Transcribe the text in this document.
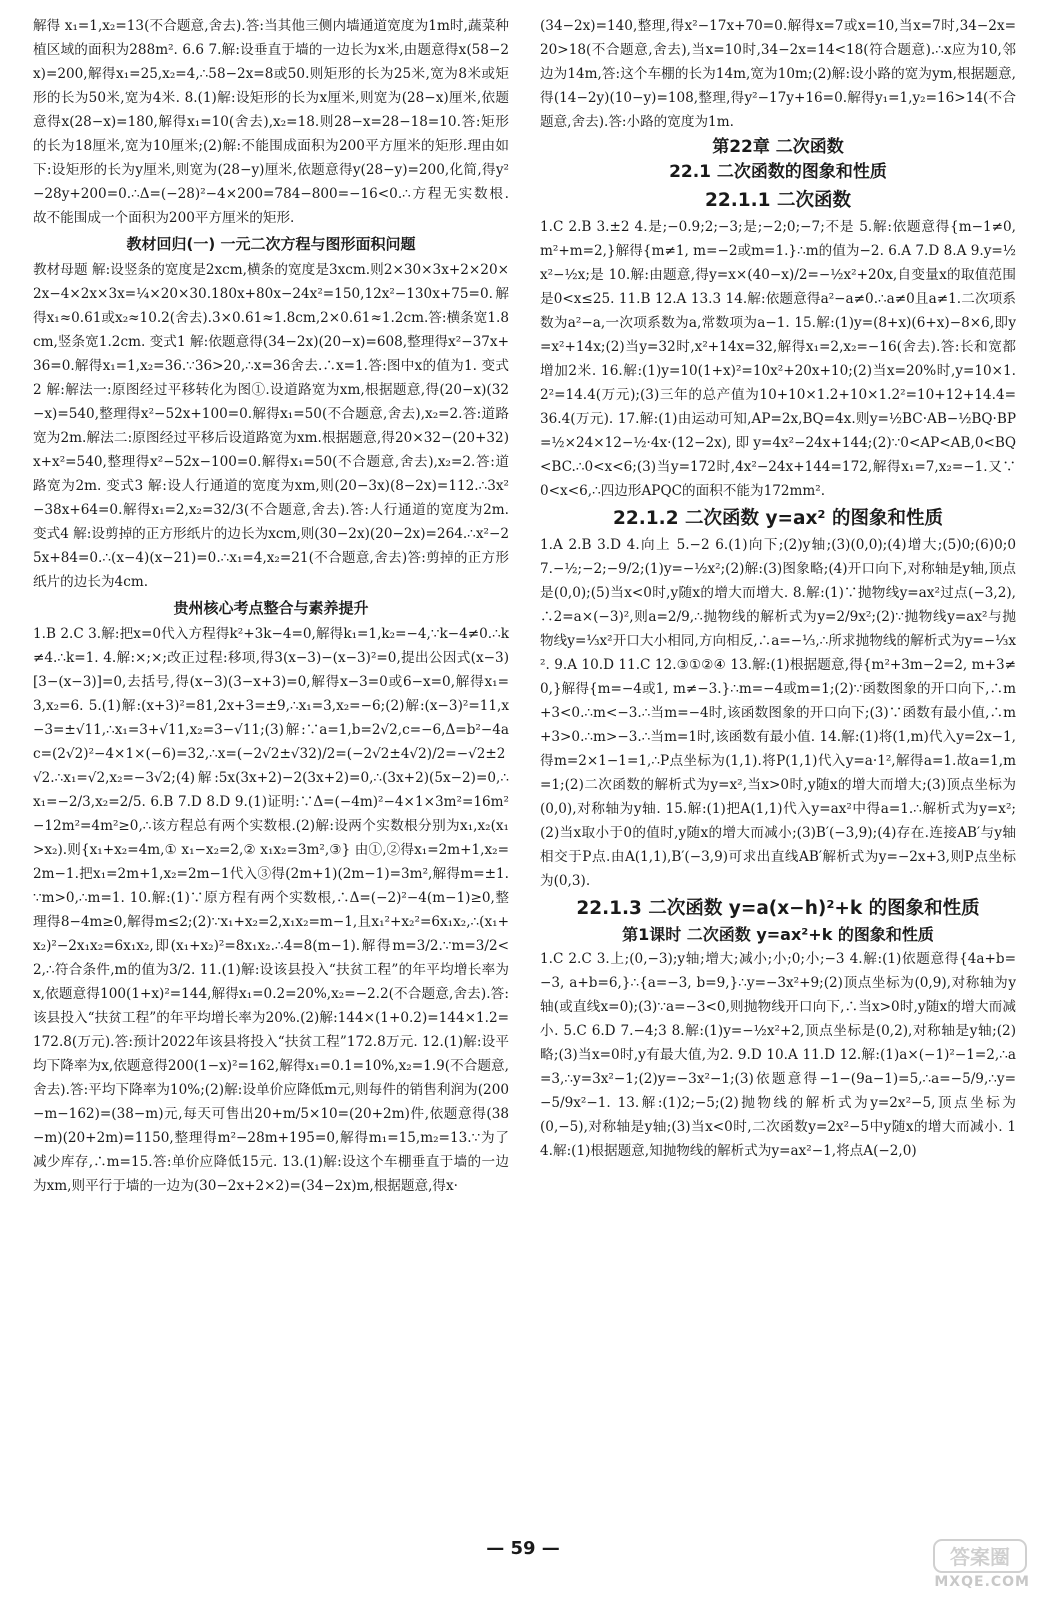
解得 x₁=1,x₂=13(不合题意,舍去).答:当其他三侧内墙通道宽度为1m时,蔬菜种植区域的面积为288m². 6.6 7.解:设垂直于墙的一边长为x米,由题意得x(58−2x)=200,解得x₁=25,x₂=4,∴58−2x=8或50.则矩形的长为25米,宽为8米或矩形的长为50米,宽为4米. 8.(1)解:设矩形的长为x厘米,则宽为(28−x)厘米,依题意得x(28−x)=180,解得x₁=10(舍去),x₂=18.则28−x=28−18=10.答:矩形的长为18厘米,宽为10厘米;(2)解:不能围成面积为200平方厘米的矩形.理由如下:设矩形的长为y厘米,则宽为(28−y)厘米,依题意得y(28−y)=200,化简,得y²−28y+200=0.∴Δ=(−28)²−4×200=784−800=−16<0.∴方程无实数根.故不能围成一个面积为200平方厘米的矩形.

教材回归(一) 一元二次方程与图形面积问题

教材母题 解:设竖条的宽度是2xcm,横条的宽度是3xcm.则2×30×3x+2×20×2x−4×2x×3x=¼×20×30.180x+80x−24x²=150,12x²−130x+75=0.解得x₁≈0.61或x₂≈10.2(舍去).3×0.61≈1.8cm,2×0.61≈1.2cm.答:横条宽1.8cm,竖条宽1.2cm. 变式1 解:依题意得(34−2x)(20−x)=608,整理得x²−37x+36=0.解得x₁=1,x₂=36.∵36>20,∴x=36舍去.∴x=1.答:图中x的值为1. 变式2 解:解法一:原图经过平移转化为图①.设道路宽为xm,根据题意,得(20−x)(32−x)=540,整理得x²−52x+100=0.解得x₁=50(不合题意,舍去),x₂=2.答:道路宽为2m.解法二:原图经过平移后设道路宽为xm.根据题意,得20×32−(20+32)x+x²=540,整理得x²−52x−100=0.解得x₁=50(不合题意,舍去),x₂=2.答:道路宽为2m. 变式3 解:设人行通道的宽度为xm,则(20−3x)(8−2x)=112.∴3x²−38x+64=0.解得x₁=2,x₂=32/3(不合题意,舍去).答:人行通道的宽度为2m. 变式4 解:设剪掉的正方形纸片的边长为xcm,则(30−2x)(20−2x)=264.∴x²−25x+84=0.∴(x−4)(x−21)=0.∴x₁=4,x₂=21(不合题意,舍去)答:剪掉的正方形纸片的边长为4cm.

贵州核心考点整合与素养提升

1.B 2.C 3.解:把x=0代入方程得k²+3k−4=0,解得k₁=1,k₂=−4,∵k−4≠0.∴k≠4.∴k=1. 4.解:×;×;改正过程:移项,得3(x−3)−(x−3)²=0,提出公因式(x−3)[3−(x−3)]=0,去括号,得(x−3)(3−x+3)=0,解得x−3=0或6−x=0,解得x₁=3,x₂=6. 5.(1)解:(x+3)²=81,2x+3=±9,∴x₁=3,x₂=−6;(2)解:(x−3)²=11,x−3=±√11,∴x₁=3+√11,x₂=3−√11;(3)解:∵a=1,b=2√2,c=−6,Δ=b²−4ac=(2√2)²−4×1×(−6)=32,∴x=(−2√2±√32)/2=(−2√2±4√2)/2=−√2±2√2.∴x₁=√2,x₂=−3√2;(4)解:5x(3x+2)−2(3x+2)=0,∴(3x+2)(5x−2)=0,∴x₁=−2/3,x₂=2/5. 6.B 7.D 8.D 9.(1)证明:∵Δ=(−4m)²−4×1×3m²=16m²−12m²=4m²≥0,∴该方程总有两个实数根.(2)解:设两个实数根分别为x₁,x₂(x₁>x₂).则{x₁+x₂=4m,① x₁−x₂=2,② x₁x₂=3m²,③} 由①,②得x₁=2m+1,x₂=2m−1.把x₁=2m+1,x₂=2m−1代入③得(2m+1)(2m−1)=3m²,解得m=±1.∵m>0,∴m=1. 10.解:(1)∵原方程有两个实数根,∴Δ=(−2)²−4(m−1)≥0,整理得8−4m≥0,解得m≤2;(2)∵x₁+x₂=2,x₁x₂=m−1,且x₁²+x₂²=6x₁x₂,∴(x₁+x₂)²−2x₁x₂=6x₁x₂,即(x₁+x₂)²=8x₁x₂.∴4=8(m−1).解得m=3/2.∵m=3/2<2,∴符合条件,m的值为3/2. 11.(1)解:设该县投入“扶贫工程”的年平均增长率为x,依题意得100(1+x)²=144,解得x₁=0.2=20%,x₂=−2.2(不合题意,舍去).答:该县投入“扶贫工程”的年平均增长率为20%.(2)解:144×(1+0.2)=144×1.2=172.8(万元).答:预计2022年该县将投入“扶贫工程”172.8万元. 12.(1)解:设平均下降率为x,依题意得200(1−x)²=162,解得x₁=0.1=10%,x₂=1.9(不合题意,舍去).答:平均下降率为10%;(2)解:设单价应降低m元,则每件的销售利润为(200−m−162)=(38−m)元,每天可售出20+m/5×10=(20+2m)件,依题意得(38−m)(20+2m)=1150,整理得m²−28m+195=0,解得m₁=15,m₂=13.∵为了减少库存,∴m=15.答:单价应降低15元. 13.(1)解:设这个车棚垂直于墙的一边为xm,则平行于墙的一边为(30−2x+2×2)=(34−2x)m,根据题意,得x·

(34−2x)=140,整理,得x²−17x+70=0.解得x=7或x=10,当x=7时,34−2x=20>18(不合题意,舍去),当x=10时,34−2x=14<18(符合题意).∴x应为10,邻边为14m,答:这个车棚的长为14m,宽为10m;(2)解:设小路的宽为ym,根据题意,得(14−2y)(10−y)=108,整理,得y²−17y+16=0.解得y₁=1,y₂=16>14(不合题意,舍去).答:小路的宽度为1m.

第22章 二次函数
22.1 二次函数的图象和性质
22.1.1 二次函数

1.C 2.B 3.±2 4.是;−0.9;2;−3;是;−2;0;−7;不是 5.解:依题意得{m−1≠0, m²+m=2,}解得{m≠1, m=−2或m=1.}∴m的值为−2. 6.A 7.D 8.A 9.y=½x²−½x;是 10.解:由题意,得y=x×(40−x)/2=−½x²+20x,自变量x的取值范围是0<x≤25. 11.B 12.A 13.3 14.解:依题意得a²−a≠0.∴a≠0且a≠1.二次项系数为a²−a,一次项系数为a,常数项为a−1. 15.解:(1)y=(8+x)(6+x)−8×6,即y=x²+14x;(2)当y=32时,x²+14x=32,解得x₁=2,x₂=−16(舍去).答:长和宽都增加2米. 16.解:(1)y=10(1+x)²=10x²+20x+10;(2)当x=20%时,y=10×1.2²=14.4(万元);(3)三年的总产值为10+10×1.2+10×1.2²=10+12+14.4=36.4(万元). 17.解:(1)由运动可知,AP=2x,BQ=4x.则y=½BC·AB−½BQ·BP=½×24×12−½·4x·(12−2x),即y=4x²−24x+144;(2)∵0<AP<AB,0<BQ<BC.∴0<x<6;(3)当y=172时,4x²−24x+144=172,解得x₁=7,x₂=−1.又∵0<x<6,∴四边形APQC的面积不能为172mm².

22.1.2 二次函数 y=ax² 的图象和性质

1.A 2.B 3.D 4.向上 5.−2 6.(1)向下;(2)y轴;(3)(0,0);(4)增大;(5)0;(6)0;0 7.−½;−2;−9/2;(1)y=−½x²;(2)解:(3)图象略;(4)开口向下,对称轴是y轴,顶点是(0,0);(5)当x<0时,y随x的增大而增大. 8.解:(1)∵抛物线y=ax²过点(−3,2),∴2=a×(−3)²,则a=2/9,∴抛物线的解析式为y=2/9x²;(2)∵抛物线y=ax²与抛物线y=⅓x²开口大小相同,方向相反,∴a=−⅓,∴所求抛物线的解析式为y=−⅓x². 9.A 10.D 11.C 12.③①②④ 13.解:(1)根据题意,得{m²+3m−2=2, m+3≠0,}解得{m=−4或1, m≠−3.}∴m=−4或m=1;(2)∵函数图象的开口向下,∴m+3<0.∴m<−3.∴当m=−4时,该函数图象的开口向下;(3)∵函数有最小值,∴m+3>0.∴m>−3.∴当m=1时,该函数有最小值. 14.解:(1)将(1,m)代入y=2x−1,得m=2×1−1=1,∴P点坐标为(1,1).将P(1,1)代入y=a·1²,解得a=1.故a=1,m=1;(2)二次函数的解析式为y=x²,当x>0时,y随x的增大而增大;(3)顶点坐标为(0,0),对称轴为y轴. 15.解:(1)把A(1,1)代入y=ax²中得a=1.∴解析式为y=x²;(2)当x取小于0的值时,y随x的增大而减小;(3)B′(−3,9);(4)存在.连接AB′与y轴相交于P点.由A(1,1),B′(−3,9)可求出直线AB′解析式为y=−2x+3,则P点坐标为(0,3).

22.1.3 二次函数 y=a(x−h)²+k 的图象和性质
第1课时 二次函数 y=ax²+k 的图象和性质

1.C 2.C 3.上;(0,−3);y轴;增大;减小;小;0;小;−3 4.解:(1)依题意得{4a+b=−3, a+b=6,}∴{a=−3, b=9,}∴y=−3x²+9;(2)顶点坐标为(0,9),对称轴为y轴(或直线x=0);(3)∵a=−3<0,则抛物线开口向下,∴当x>0时,y随x的增大而减小. 5.C 6.D 7.−4;3 8.解:(1)y=−½x²+2,顶点坐标是(0,2),对称轴是y轴;(2)略;(3)当x=0时,y有最大值,为2. 9.D 10.A 11.D 12.解:(1)a×(−1)²−1=2,∴a=3,∴y=3x²−1;(2)y=−3x²−1;(3)依题意得−1−(9a−1)=5,∴a=−5/9,∴y=−5/9x²−1. 13.解:(1)2;−5;(2)抛物线的解析式为y=2x²−5,顶点坐标为(0,−5),对称轴是y轴;(3)当x<0时,二次函数y=2x²−5中y随x的增大而减小. 14.解:(1)根据题意,知抛物线的解析式为y=ax²−1,将点A(−2,0)

— 59 —	答案圈
MXQE.COM
